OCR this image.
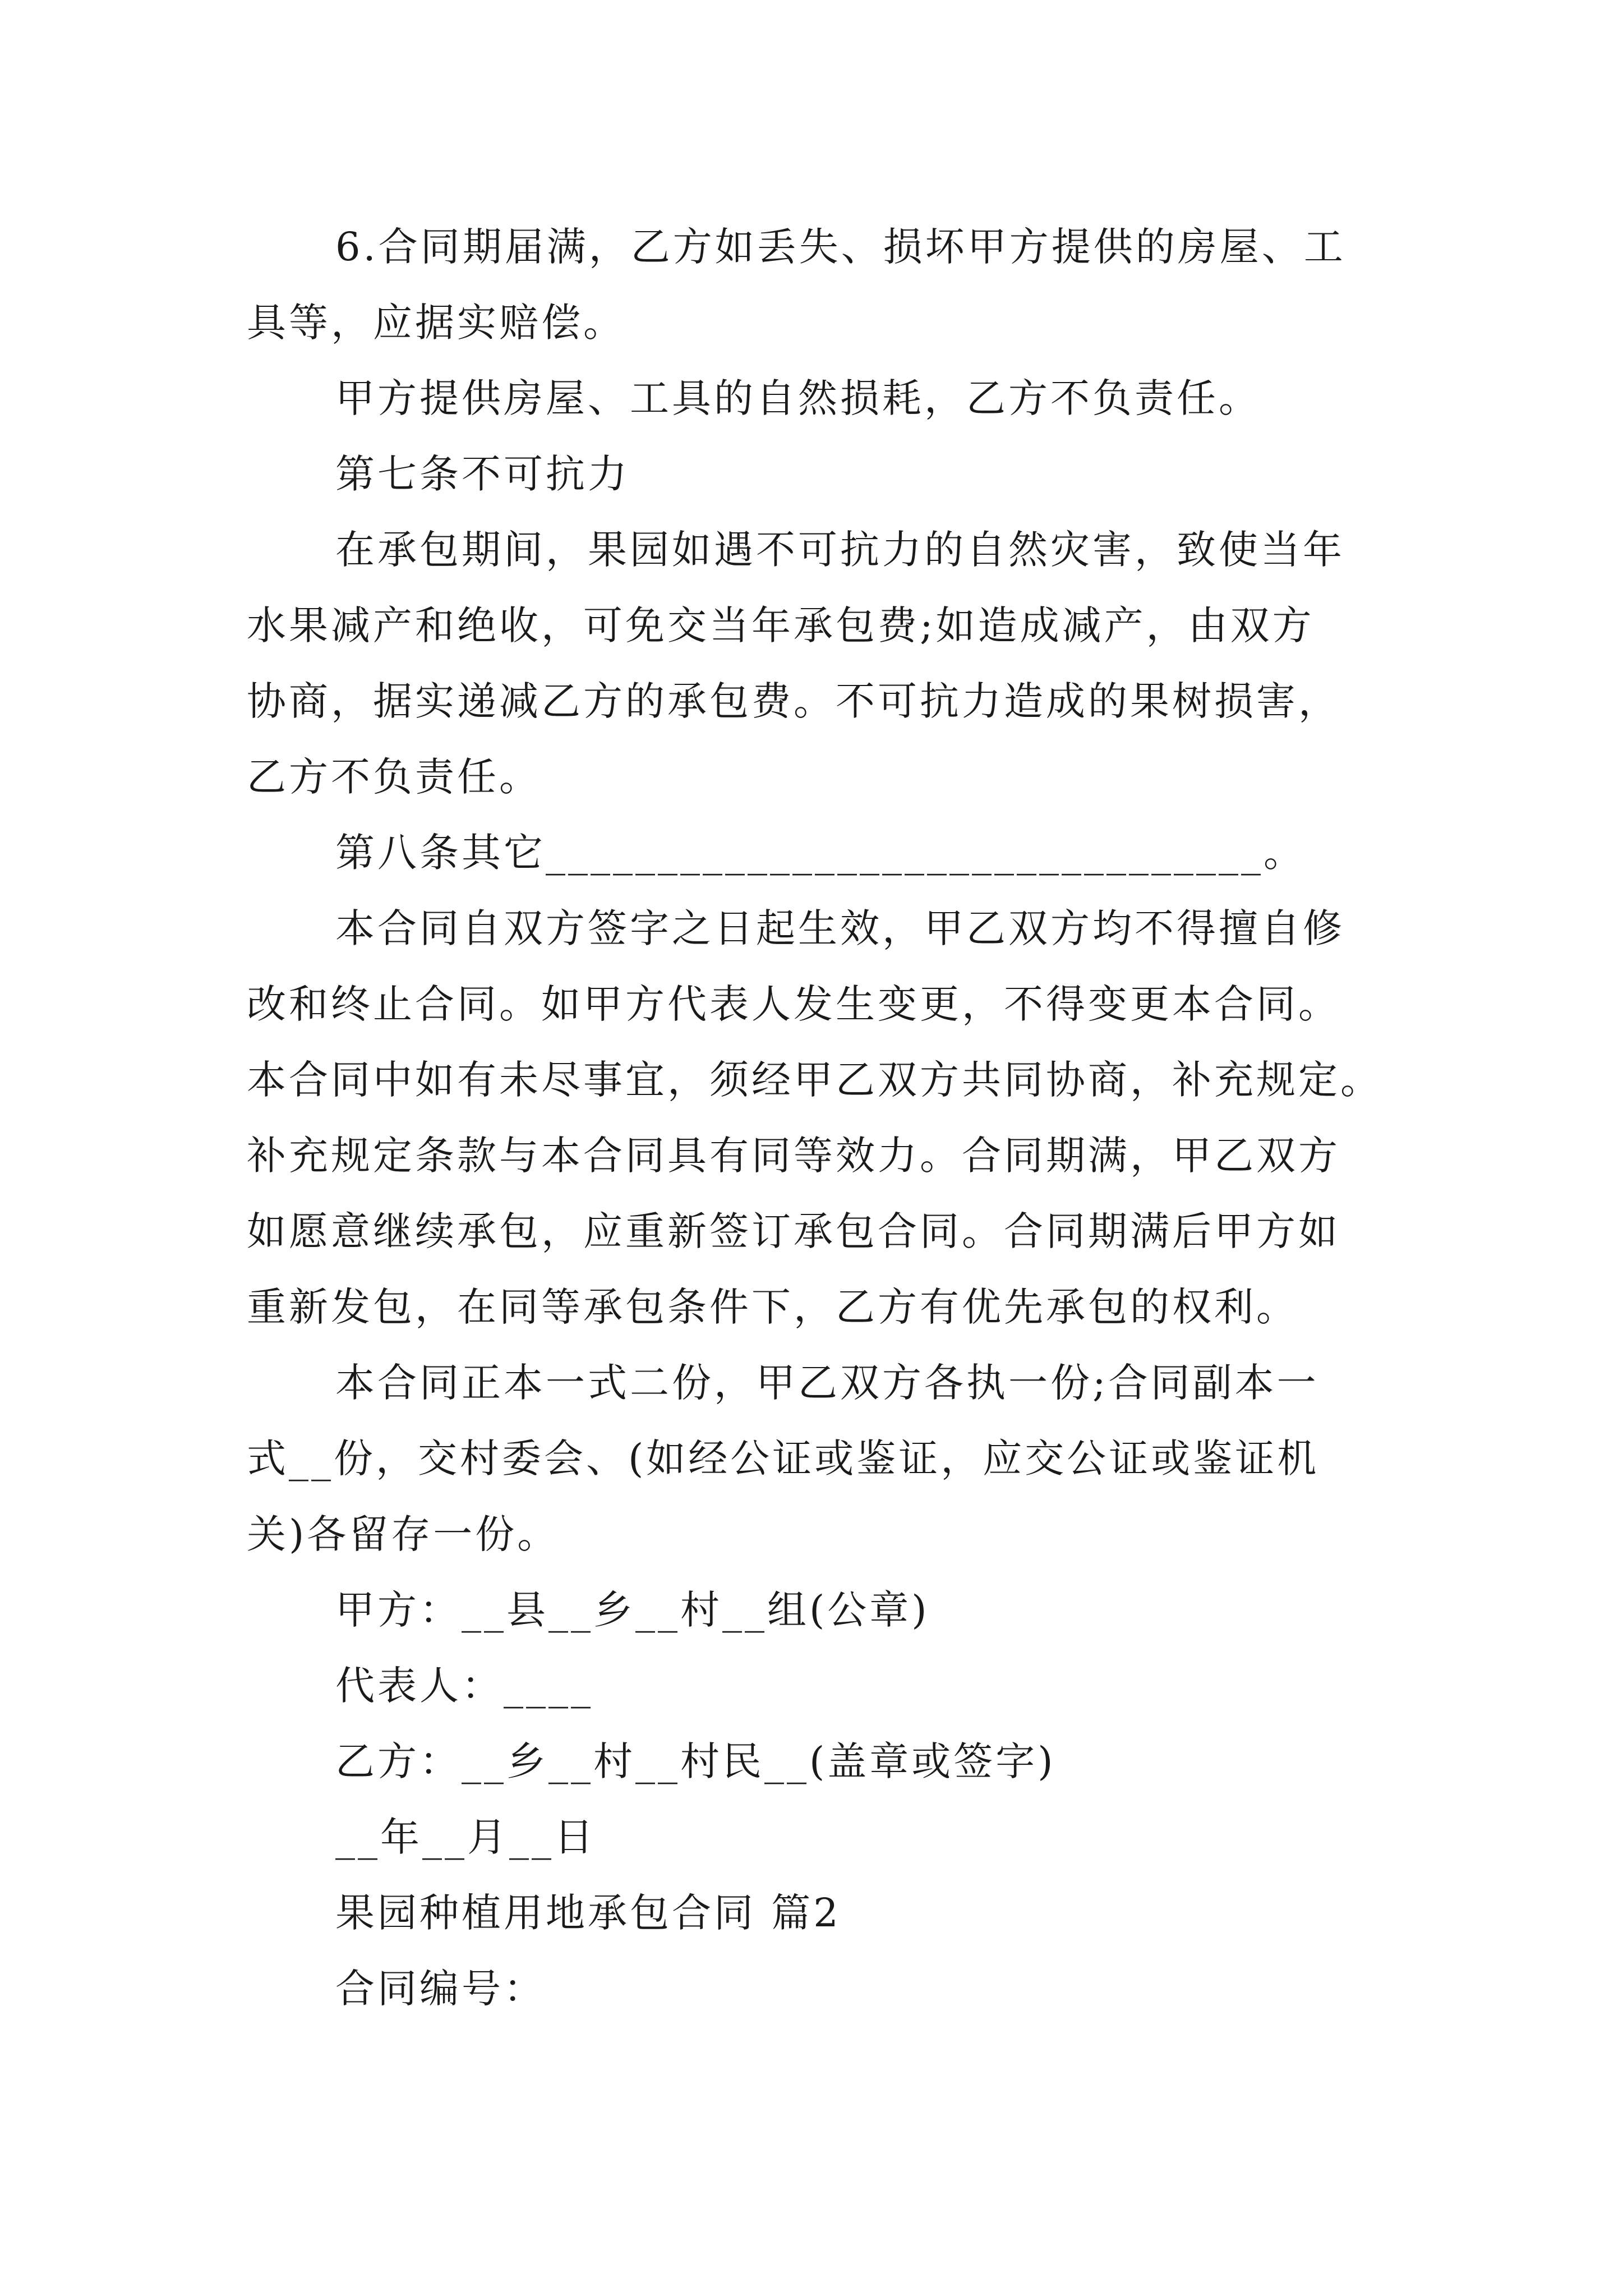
6.合同期届满，乙方如丢失、损坏甲方提供的房屋、工
具等，应据实赔偿。
甲方提供房屋、工具的自然损耗，乙方不负责任。
第七条不可抗力
在承包期间，果园如遇不可抗力的自然灾害，致使当年
水果减产和绝收，可免交当年承包费;如造成减产，由双方
协商，据实递减乙方的承包费。不可抗力造成的果树损害，
乙方不负责任。
第八条其它________________________________。
本合同自双方签字之日起生效，甲乙双方均不得擅自修
改和终止合同。如甲方代表人发生变更，不得变更本合同。
本合同中如有未尽事宜，须经甲乙双方共同协商，补充规定。
补充规定条款与本合同具有同等效力。合同期满，甲乙双方
如愿意继续承包，应重新签订承包合同。合同期满后甲方如
重新发包，在同等承包条件下，乙方有优先承包的权利。
本合同正本一式二份，甲乙双方各执一份;合同副本一
式__份，交村委会、(如经公证或鉴证，应交公证或鉴证机
关)各留存一份。
甲方：__县__乡__村__组(公章)
代表人：____
乙方：__乡__村__村民__(盖章或签字)
__年__月__日
果园种植用地承包合同 篇2
合同编号：
